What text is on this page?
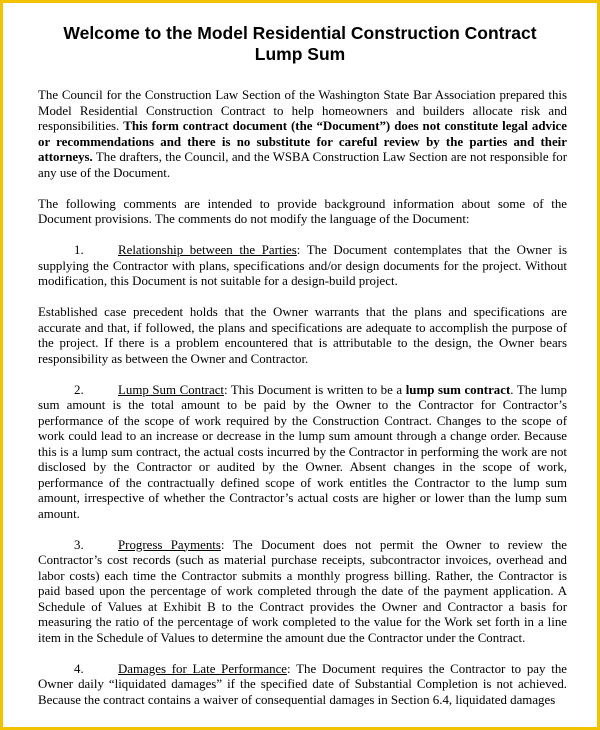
Welcome to the Model Residential Construction Contract
Lump Sum

The Council for the Construction Law Section of the Washington State Bar Association prepared this Model Residential Construction Contract to help homeowners and builders allocate risk and responsibilities. This form contract document (the “Document”) does not constitute legal advice or recommendations and there is no substitute for careful review by the parties and their attorneys. The drafters, the Council, and the WSBA Construction Law Section are not responsible for any use of the Document.

The following comments are intended to provide background information about some of the Document provisions. The comments do not modify the language of the Document:

1.	Relationship between the Parties: The Document contemplates that the Owner is supplying the Contractor with plans, specifications and/or design documents for the project. Without modification, this Document is not suitable for a design-build project.

Established case precedent holds that the Owner warrants that the plans and specifications are accurate and that, if followed, the plans and specifications are adequate to accomplish the purpose of the project. If there is a problem encountered that is attributable to the design, the Owner bears responsibility as between the Owner and Contractor.

2.	Lump Sum Contract: This Document is written to be a lump sum contract. The lump sum amount is the total amount to be paid by the Owner to the Contractor for Contractor’s performance of the scope of work required by the Construction Contract. Changes to the scope of work could lead to an increase or decrease in the lump sum amount through a change order. Because this is a lump sum contract, the actual costs incurred by the Contractor in performing the work are not disclosed by the Contractor or audited by the Owner. Absent changes in the scope of work, performance of the contractually defined scope of work entitles the Contractor to the lump sum amount, irrespective of whether the Contractor’s actual costs are higher or lower than the lump sum amount.

3.	Progress Payments: The Document does not permit the Owner to review the Contractor’s cost records (such as material purchase receipts, subcontractor invoices, overhead and labor costs) each time the Contractor submits a monthly progress billing. Rather, the Contractor is paid based upon the percentage of work completed through the date of the payment application. A Schedule of Values at Exhibit B to the Contract provides the Owner and Contractor a basis for measuring the ratio of the percentage of work completed to the value for the Work set forth in a line item in the Schedule of Values to determine the amount due the Contractor under the Contract.

4.	Damages for Late Performance: The Document requires the Contractor to pay the Owner daily “liquidated damages” if the specified date of Substantial Completion is not achieved. Because the contract contains a waiver of consequential damages in Section 6.4, liquidated damages
